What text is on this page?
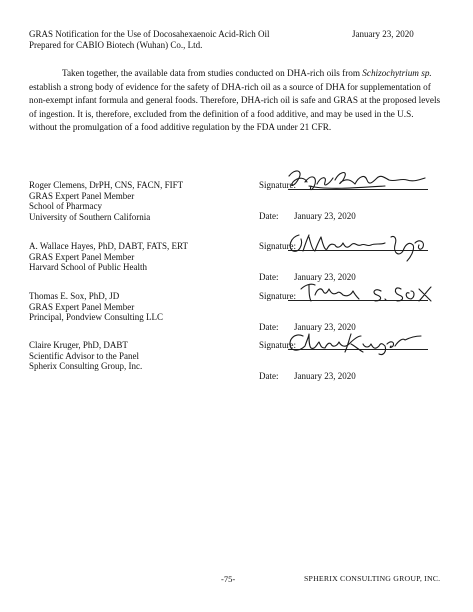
GRAS Notification for the Use of Docosahexaenoic Acid-Rich Oil
Prepared for CABIO Biotech (Wuhan) Co., Ltd.
January 23, 2020

Taken together, the available data from studies conducted on DHA-rich oils from Schizochytrium sp. establish a strong body of evidence for the safety of DHA-rich oil as a source of DHA for supplementation of non-exempt infant formula and general foods. Therefore, DHA-rich oil is safe and GRAS at the proposed levels of ingestion. It is, therefore, excluded from the definition of a food additive, and may be used in the U.S. without the promulgation of a food additive regulation by the FDA under 21 CFR.

Roger Clemens, DrPH, CNS, FACN, FIFT
GRAS Expert Panel Member
School of Pharmacy
University of Southern California
Signature:
Date: January 23, 2020
A. Wallace Hayes, PhD, DABT, FATS, ERT
GRAS Expert Panel Member
Harvard School of Public Health
Signature:
Date: January 23, 2020
Thomas E. Sox, PhD, JD
GRAS Expert Panel Member
Principal, Pondview Consulting LLC
Signature:
Date: January 23, 2020
Claire Kruger, PhD, DABT
Scientific Advisor to the Panel
Spherix Consulting Group, Inc.
Signature:
Date: January 23, 2020
-75-	SPHERIX CONSULTING GROUP, INC.
